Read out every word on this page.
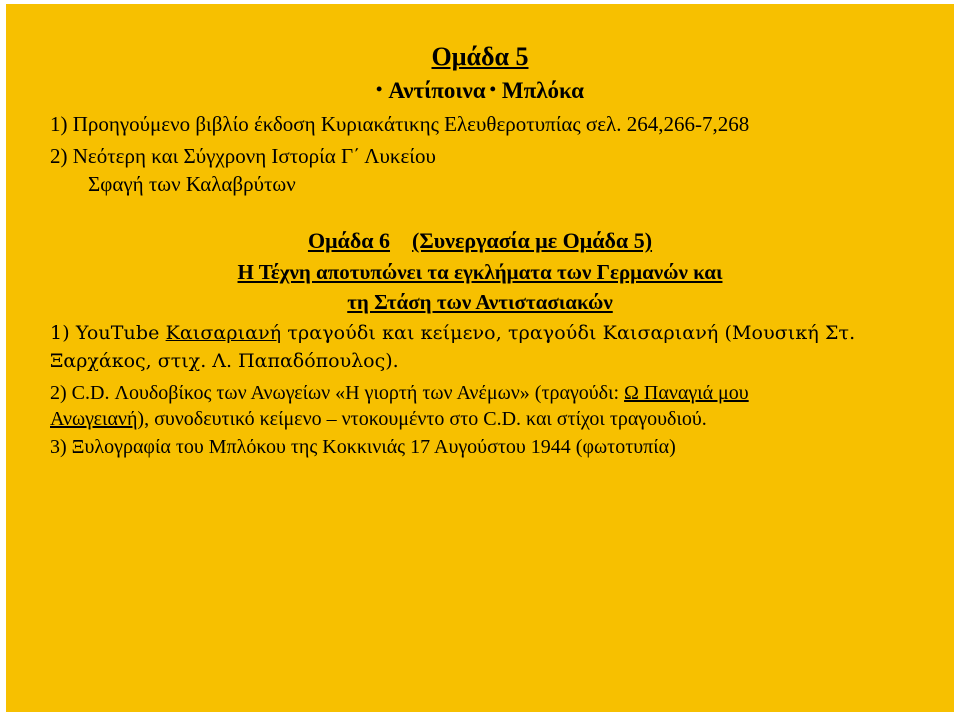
Ομάδα 5
• Αντίποινα • Μπλόκα
1) Προηγούμενο βιβλίο έκδοση Κυριακάτικης Ελευθεροτυπίας σελ. 264,266-7,268
2) Νεότερη και Σύγχρονη Ιστορία Γ΄ Λυκείου
Σφαγή των Καλαβρύτων
Ομάδα 6 (Συνεργασία με Ομάδα 5)
Η Τέχνη αποτυπώνει τα εγκλήματα των Γερμανών και
τη Στάση των Αντιστασιακών
1) YouTube Καισαριανή τραγούδι και κείμενο, τραγούδι Καισαριανή (Μουσική Στ.
Ξαρχάκος, στιχ. Λ. Παπαδόπουλος).
2) C.D. Λουδοβίκος των Ανωγείων «Η γιορτή των Ανέμων» (τραγούδι: Ω Παναγιά μου
Ανωγειανή), συνοδευτικό κείμενο – ντοκουμέντο στο C.D. και στίχοι τραγουδιού.
3) Ξυλογραφία του Μπλόκου της Κοκκινιάς 17 Αυγούστου 1944 (φωτοτυπία)
